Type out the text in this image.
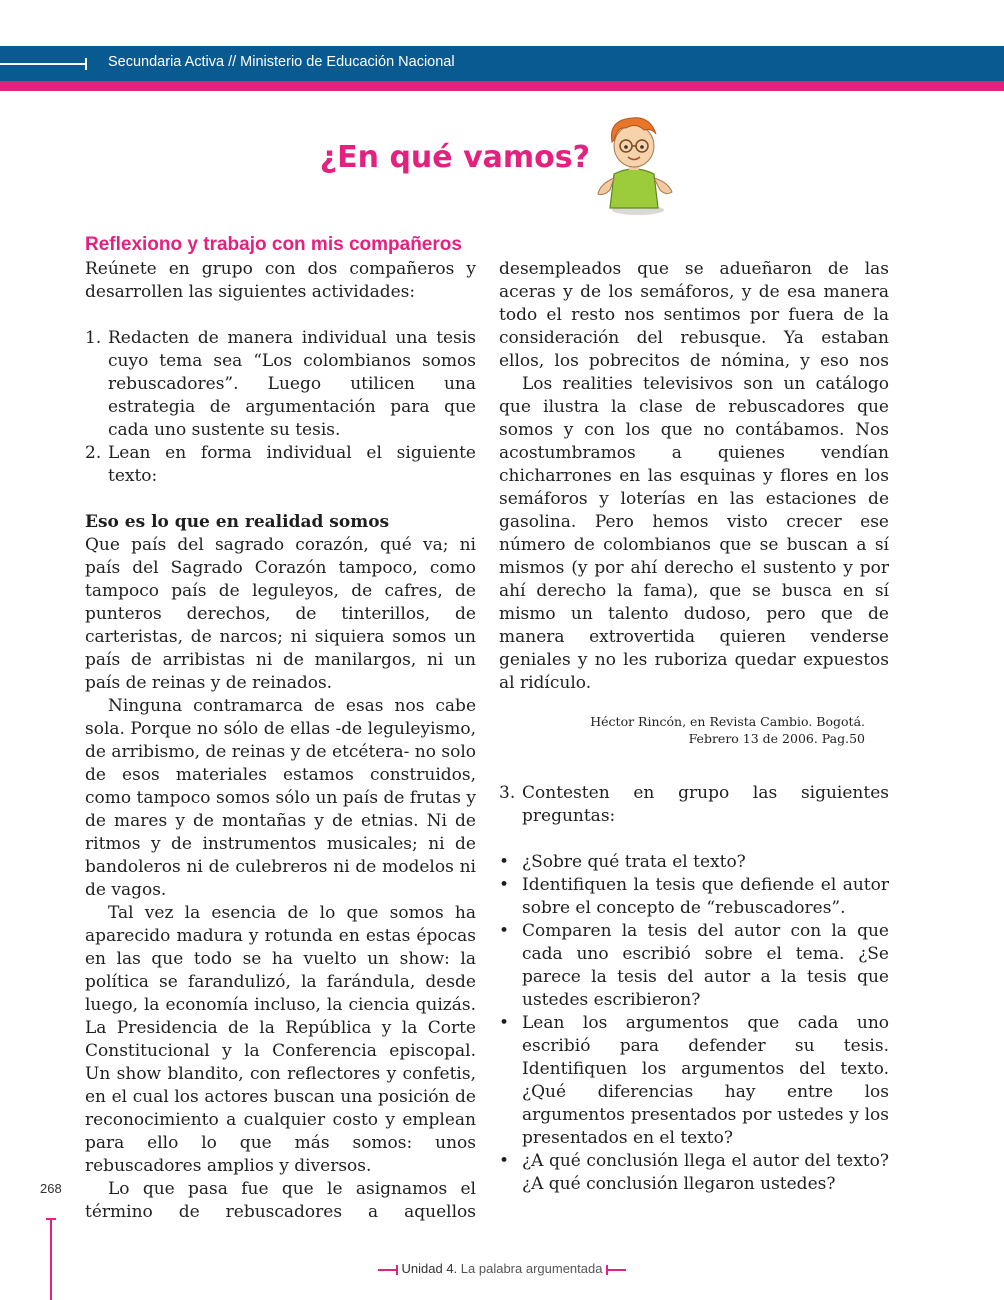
Secundaria Activa // Ministerio de Educación Nacional
¿En qué vamos?

Reflexiono y trabajo con mis compañeros

Reúnete en grupo con dos compañeros y desarrollen las siguientes actividades:

1. Redacten de manera individual una tesis cuyo tema sea “Los colombianos somos rebuscadores”. Luego utilicen una estrategia de argumentación para que cada uno sustente su tesis.
2. Lean en forma individual el siguiente texto:

Eso es lo que en realidad somos

Que país del sagrado corazón, qué va; ni país del Sagrado Corazón tampoco, como tampoco país de leguleyos, de cafres, de punteros derechos, de tinterillos, de carteristas, de narcos; ni siquiera somos un país de arribistas ni de manilargos, ni un país de reinas y de reinados.

Ninguna contramarca de esas nos cabe sola. Porque no sólo de ellas -de leguleyismo, de arribismo, de reinas y de etcétera- no solo de esos materiales estamos construidos, como tampoco somos sólo un país de frutas y de mares y de montañas y de etnias. Ni de ritmos y de instrumentos musicales; ni de bandoleros ni de culebreros ni de modelos ni de vagos.

Tal vez la esencia de lo que somos ha aparecido madura y rotunda en estas épocas en las que todo se ha vuelto un show: la política se farandulizó, la farándula, desde luego, la economía incluso, la ciencia quizás. La Presidencia de la República y la Corte Constitucional y la Conferencia episcopal. Un show blandito, con reflectores y confetis, en el cual los actores buscan una posición de reconocimiento a cualquier costo y emplean para ello lo que más somos: unos rebuscadores amplios y diversos.

Lo que pasa fue que le asignamos el término de rebuscadores a aquellos

desempleados que se adueñaron de las aceras y de los semáforos, y de esa manera todo el resto nos sentimos por fuera de la consideración del rebusque. Ya estaban ellos, los pobrecitos de nómina, y eso nos

Los realities televisivos son un catálogo que ilustra la clase de rebuscadores que somos y con los que no contábamos. Nos acostumbramos a quienes vendían chicharrones en las esquinas y flores en los semáforos y loterías en las estaciones de gasolina. Pero hemos visto crecer ese número de colombianos que se buscan a sí mismos (y por ahí derecho el sustento y por ahí derecho la fama), que se busca en sí mismo un talento dudoso, pero que de manera extrovertida quieren venderse geniales y no les ruboriza quedar expuestos al ridículo.

Héctor Rincón, en Revista Cambio. Bogotá.
Febrero 13 de 2006. Pag.50
3. Contesten en grupo las siguientes preguntas:
• ¿Sobre qué trata el texto?
• Identifiquen la tesis que defiende el autor sobre el concepto de “rebuscadores”.
• Comparen la tesis del autor con la que cada uno escribió sobre el tema. ¿Se parece la tesis del autor a la tesis que ustedes escribieron?
• Lean los argumentos que cada uno escribió para defender su tesis. Identifiquen los argumentos del texto. ¿Qué diferencias hay entre los argumentos presentados por ustedes y los presentados en el texto?
• ¿A qué conclusión llega el autor del texto? ¿A qué conclusión llegaron ustedes?
268
Unidad 4. La palabra argumentada
